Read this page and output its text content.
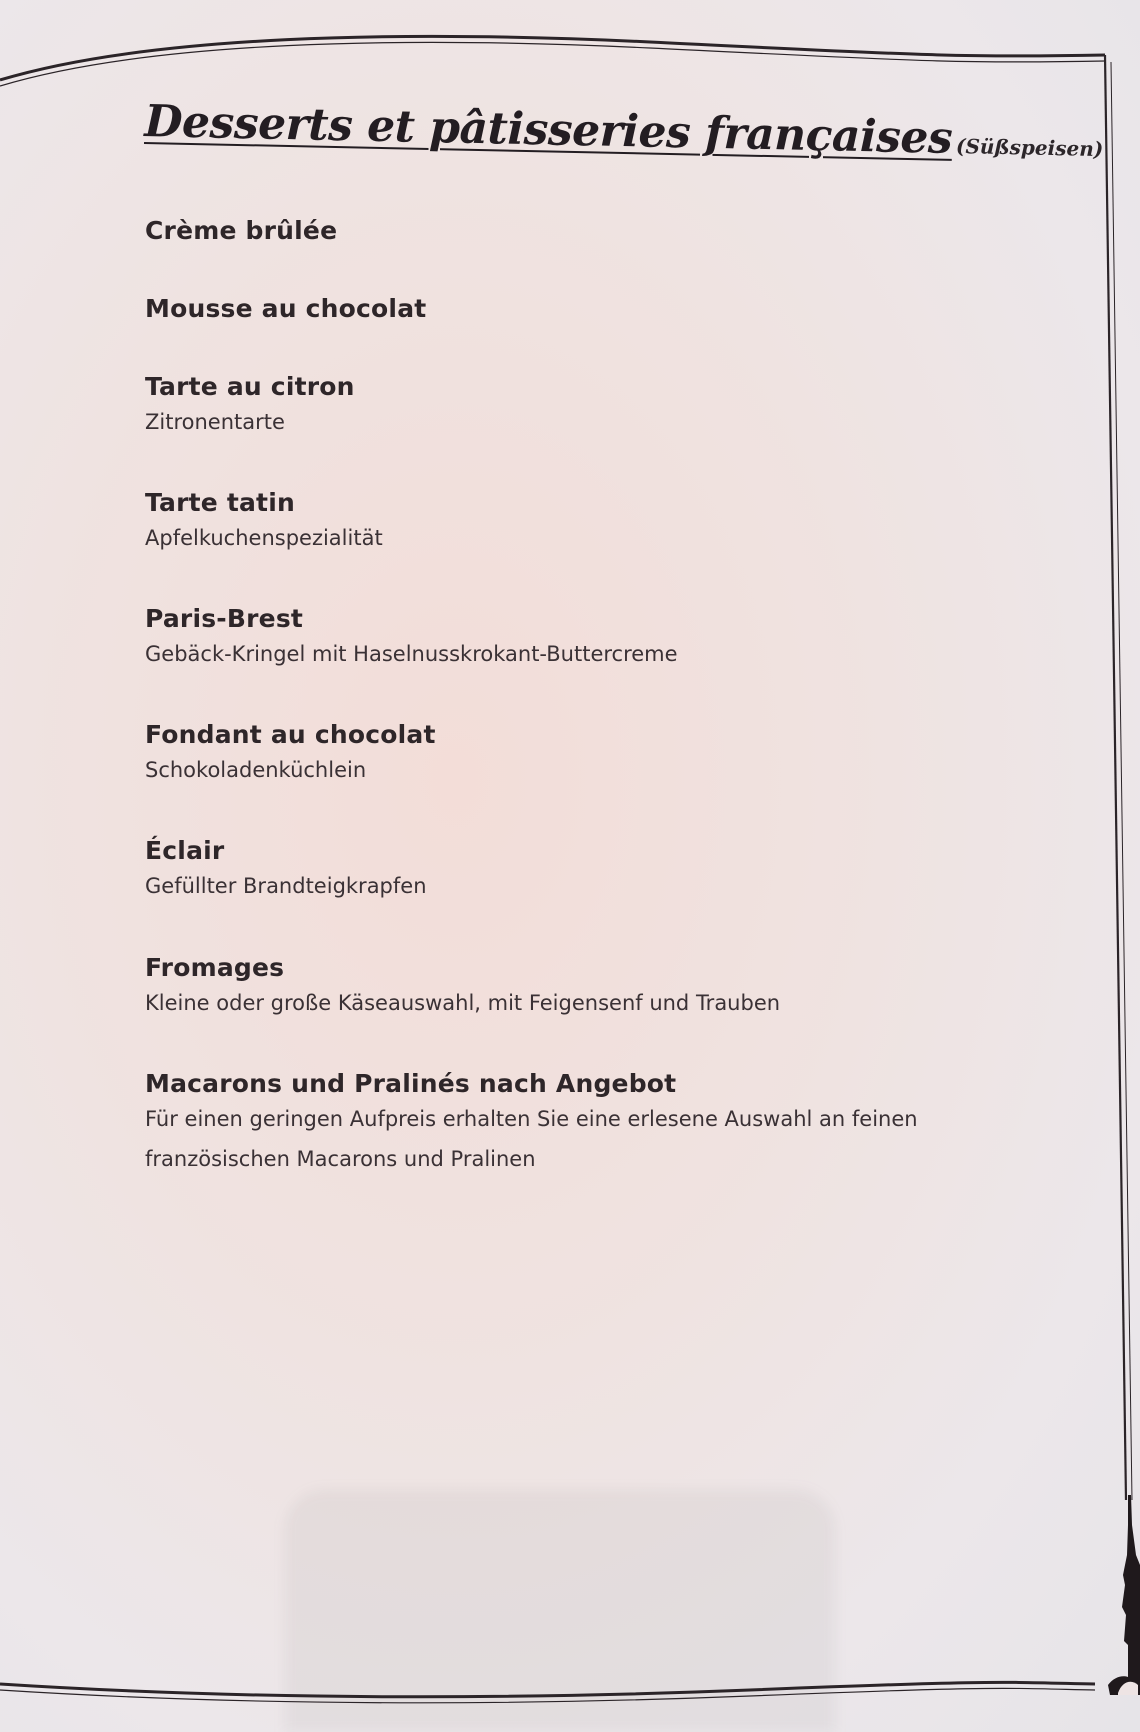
Desserts et pâtisseries françaises (Süßspeisen)
Crème brûlée
Mousse au chocolat
Tarte au citron
Zitronentarte
Tarte tatin
Apfelkuchenspezialität
Paris-Brest
Gebäck-Kringel mit Haselnusskrokant-Buttercreme
Fondant au chocolat
Schokoladenküchlein
Éclair
Gefüllter Brandteigkrapfen
Fromages
Kleine oder große Käseauswahl, mit Feigensenf und Trauben
Macarons und Pralinés nach Angebot
Für einen geringen Aufpreis erhalten Sie eine erlesene Auswahl an feinen
französischen Macarons und Pralinen
